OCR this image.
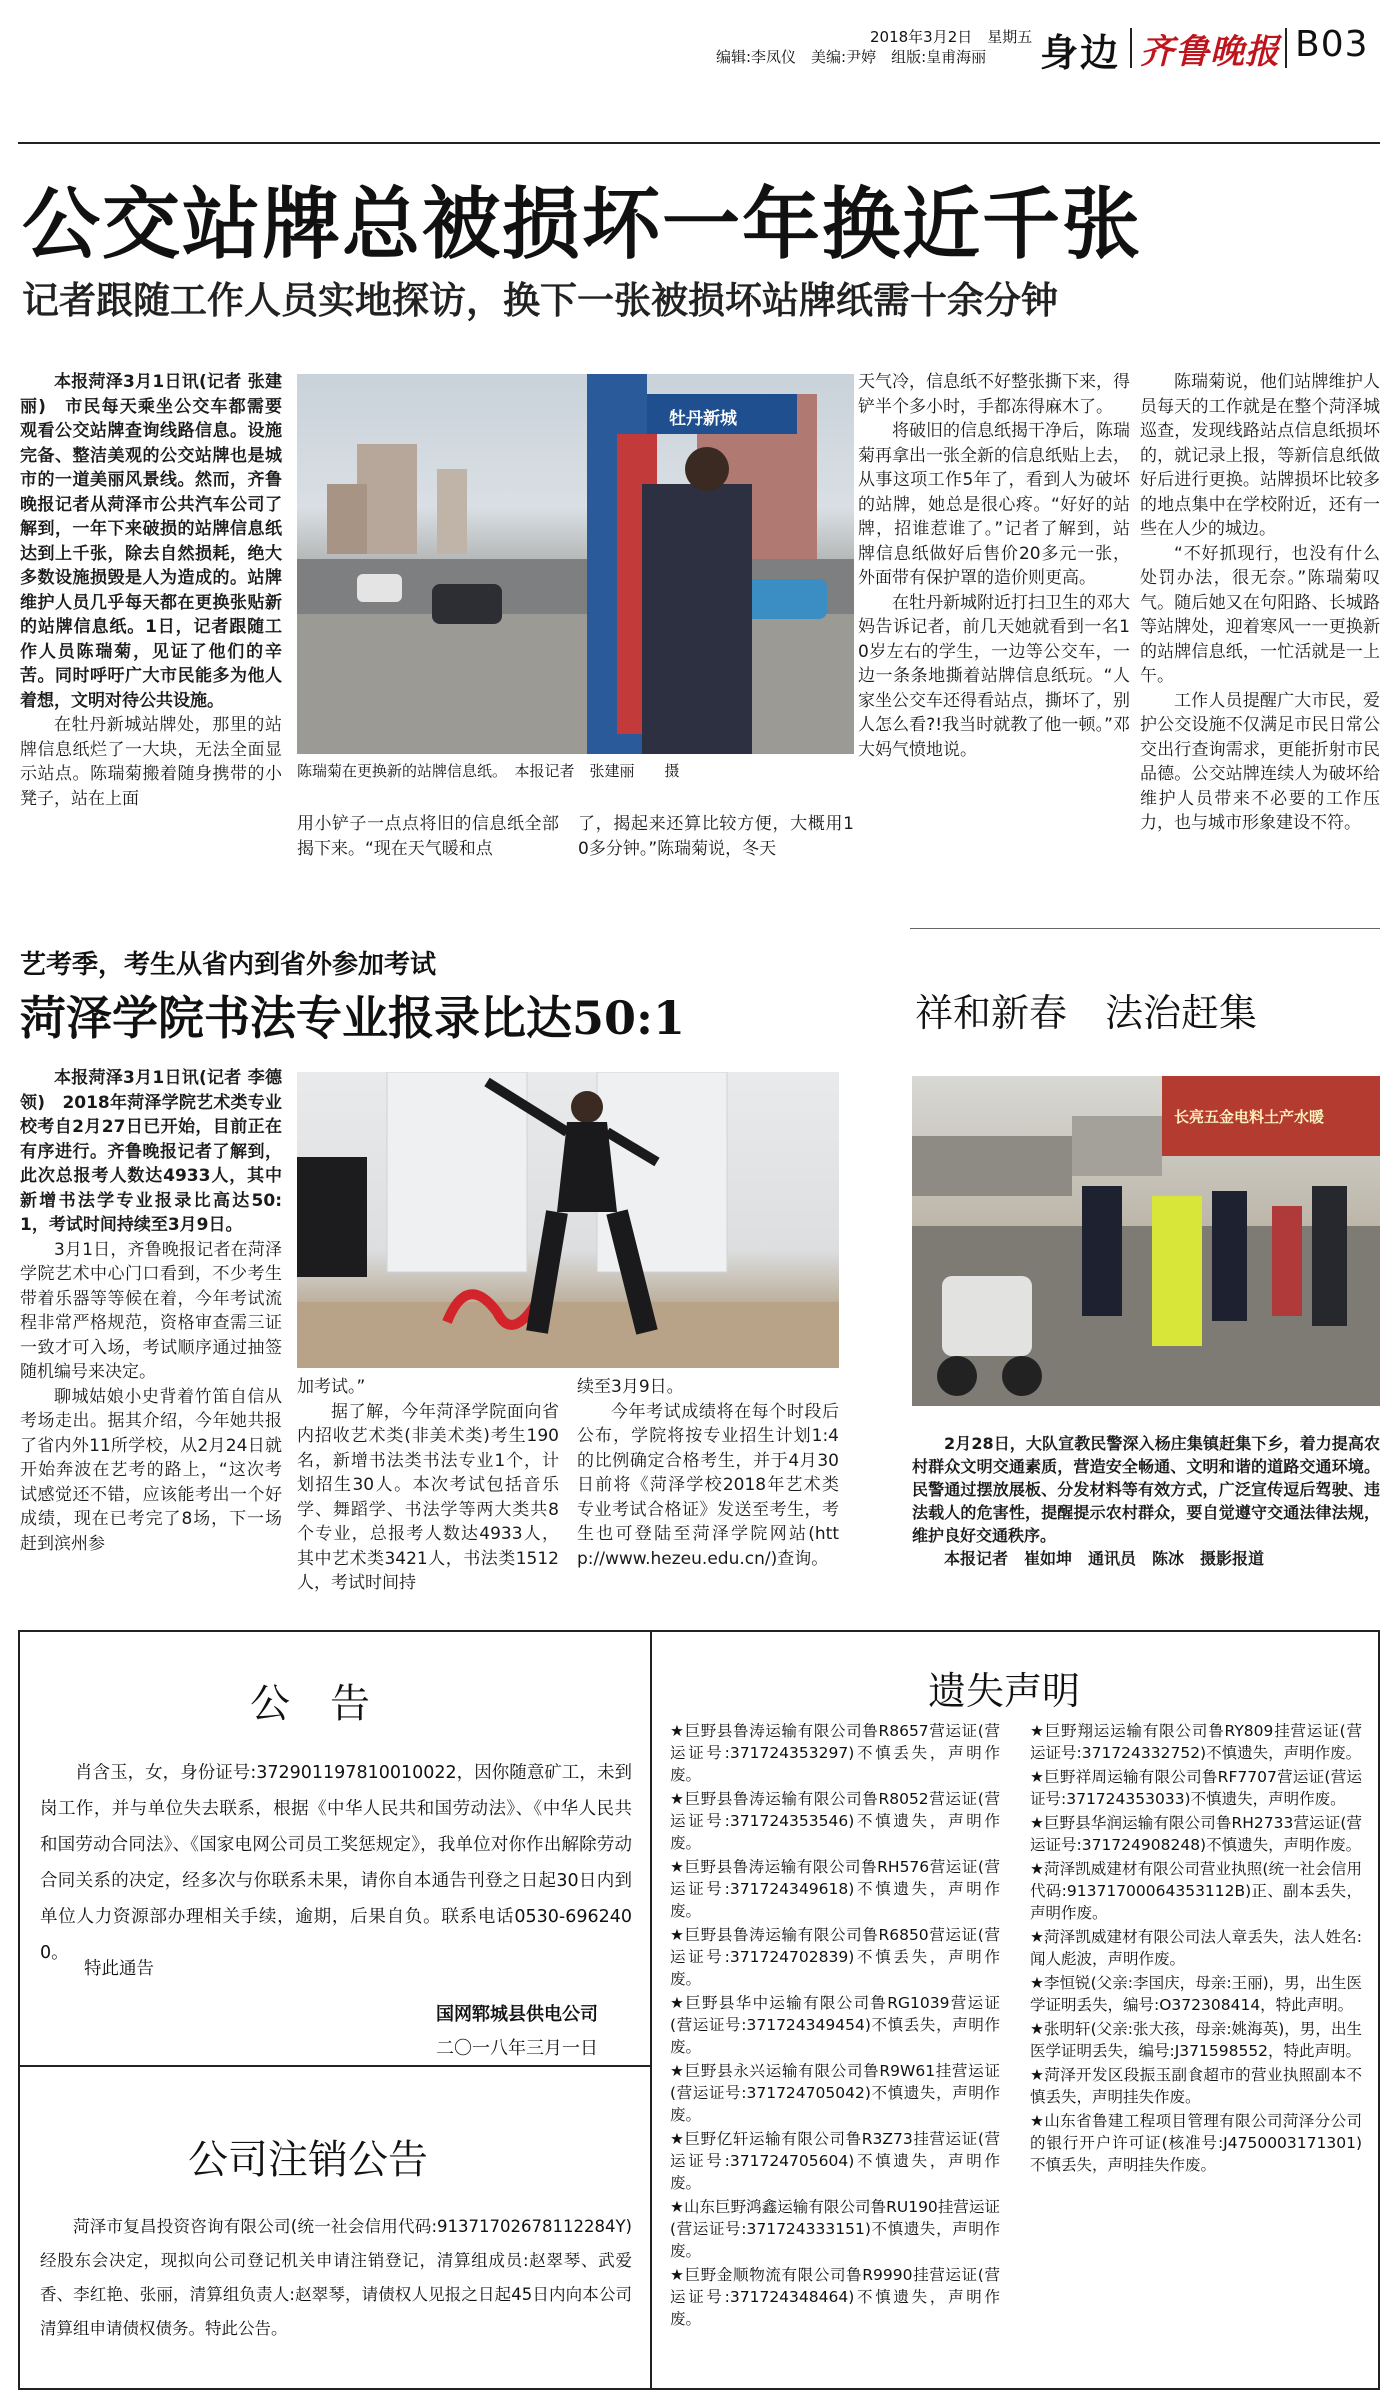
2018年3月2日　星期五
编辑:李凤仪　美编:尹婷　组版:皇甫海丽 身边 齐鲁晚报 B03
公交站牌总被损坏一年换近千张
记者跟随工作人员实地探访，换下一张被损坏站牌纸需十余分钟

本报菏泽3月1日讯(记者 张建丽)　市民每天乘坐公交车都需要观看公交站牌查询线路信息。设施完备、整洁美观的公交站牌也是城市的一道美丽风景线。然而，齐鲁晚报记者从菏泽市公共汽车公司了解到，一年下来破损的站牌信息纸达到上千张，除去自然损耗，绝大多数设施损毁是人为造成的。站牌维护人员几乎每天都在更换张贴新的站牌信息纸。1日，记者跟随工作人员陈瑞菊，见证了他们的辛苦。同时呼吁广大市民能多为他人着想，文明对待公共设施。

在牡丹新城站牌处，那里的站牌信息纸烂了一大块，无法全面显示站点。陈瑞菊搬着随身携带的小凳子，站在上面

牡丹新城
陈瑞菊在更换新的站牌信息纸。　本报记者　张建丽　　摄
用小铲子一点点将旧的信息纸全部揭下来。“现在天气暖和点
了，揭起来还算比较方便，大概用10多分钟。”陈瑞菊说，冬天

天气冷，信息纸不好整张撕下来，得铲半个多小时，手都冻得麻木了。

将破旧的信息纸揭干净后，陈瑞菊再拿出一张全新的信息纸贴上去，从事这项工作5年了，看到人为破坏的站牌，她总是很心疼。“好好的站牌，招谁惹谁了。”记者了解到，站牌信息纸做好后售价20多元一张，外面带有保护罩的造价则更高。

在牡丹新城附近打扫卫生的邓大妈告诉记者，前几天她就看到一名10岁左右的学生，一边等公交车，一边一条条地撕着站牌信息纸玩。“人家坐公交车还得看站点，撕坏了，别人怎么看?!我当时就教了他一顿。”邓大妈气愤地说。

陈瑞菊说，他们站牌维护人员每天的工作就是在整个菏泽城巡查，发现线路站点信息纸损坏的，就记录上报，等新信息纸做好后进行更换。站牌损坏比较多的地点集中在学校附近，还有一些在人少的城边。

“不好抓现行，也没有什么处罚办法，很无奈。”陈瑞菊叹气。随后她又在句阳路、长城路等站牌处，迎着寒风一一更换新的站牌信息纸，一忙活就是一上午。

工作人员提醒广大市民，爱护公交设施不仅满足市民日常公交出行查询需求，更能折射市民品德。公交站牌连续人为破坏给维护人员带来不必要的工作压力，也与城市形象建设不符。

艺考季，考生从省内到省外参加考试
菏泽学院书法专业报录比达50:1

本报菏泽3月1日讯(记者 李德领)　2018年菏泽学院艺术类专业校考自2月27日已开始，目前正在有序进行。齐鲁晚报记者了解到，此次总报考人数达4933人，其中新增书法学专业报录比高达50:1，考试时间持续至3月9日。

3月1日，齐鲁晚报记者在菏泽学院艺术中心门口看到，不少考生带着乐器等等候在着，今年考试流程非常严格规范，资格审查需三证一致才可入场，考试顺序通过抽签随机编号来决定。

聊城姑娘小史背着竹笛自信从考场走出。据其介绍，今年她共报了省内外11所学校，从2月24日就开始奔波在艺考的路上，“这次考试感觉还不错，应该能考出一个好成绩，现在已考完了8场，下一场赶到滨州参

加考试。”

据了解，今年菏泽学院面向省内招收艺术类(非美术类)考生190名，新增书法类书法专业1个，计划招生30人。本次考试包括音乐学、舞蹈学、书法学等两大类共8个专业，总报考人数达4933人，其中艺术类3421人，书法类1512人，考试时间持

续至3月9日。

今年考试成绩将在每个时段后公布，学院将按专业招生计划1:4的比例确定合格考生，并于4月30日前将《菏泽学校2018年艺术类专业考试合格证》发送至考生，考生也可登陆至菏泽学院网站(http://www.hezeu.edu.cn/)查询。

祥和新春　法治赶集
长亮五金电料土产水暖

2月28日，大队宣教民警深入杨庄集镇赶集下乡，着力提高农村群众文明交通素质，营造安全畅通、文明和谐的道路交通环境。民警通过摆放展板、分发材料等有效方式，广泛宣传逗后驾驶、违法载人的危害性，提醒提示农村群众，要自觉遵守交通法律法规，维护良好交通秩序。

本报记者　崔如坤　通讯员　陈冰　摄影报道

公　告
肖含玉，女，身份证号:372901197810010022，因你随意矿工，未到岗工作，并与单位失去联系，根据《中华人民共和国劳动法》、《中华人民共和国劳动合同法》、《国家电网公司员工奖惩规定》，我单位对你作出解除劳动合同关系的决定，经多次与你联系未果，请你自本通告刊登之日起30日内到单位人力资源部办理相关手续，逾期，后果自负。联系电话0530-6962400。
特此通告
国网郓城县供电公司
二〇一八年三月一日
公司注销公告
菏泽市复昌投资咨询有限公司(统一社会信用代码:91371702678112284Y)经股东会决定，现拟向公司登记机关申请注销登记，清算组成员:赵翠琴、武爱香、李红艳、张丽，清算组负责人:赵翠琴，请债权人见报之日起45日内向本公司清算组申请债权债务。特此公告。
遗失声明
★巨野县鲁涛运输有限公司鲁R8657营运证(营运证号:371724353297)不慎丢失，声明作废。
★巨野县鲁涛运输有限公司鲁R8052营运证(营运证号:371724353546)不慎遗失，声明作废。
★巨野县鲁涛运输有限公司鲁RH576营运证(营运证号:371724349618)不慎遗失，声明作废。
★巨野县鲁涛运输有限公司鲁R6850营运证(营运证号:371724702839)不慎丢失，声明作废。
★巨野县华中运输有限公司鲁RG1039营运证(营运证号:371724349454)不慎丢失，声明作废。
★巨野县永兴运输有限公司鲁R9W61挂营运证(营运证号:371724705042)不慎遗失，声明作废。
★巨野亿轩运输有限公司鲁R3Z73挂营运证(营运证号:371724705604)不慎遗失，声明作废。
★山东巨野鸿鑫运输有限公司鲁RU190挂营运证(营运证号:371724333151)不慎遗失，声明作废。
★巨野金顺物流有限公司鲁R9990挂营运证(营运证号:371724348464)不慎遗失，声明作废。
★巨野翔运运输有限公司鲁RY809挂营运证(营运证号:371724332752)不慎遗失，声明作废。
★巨野祥周运输有限公司鲁RF7707营运证(营运证号:371724353033)不慎遗失，声明作废。
★巨野县华润运输有限公司鲁RH2733营运证(营运证号:371724908248)不慎遗失，声明作废。
★菏泽凯威建材有限公司营业执照(统一社会信用代码:91371700064353112B)正、副本丢失，声明作废。
★菏泽凯威建材有限公司法人章丢失，法人姓名:闻人彪波，声明作废。
★李恒锐(父亲:李国庆，母亲:王丽)，男，出生医学证明丢失，编号:O372308414，特此声明。
★张明轩(父亲:张大孩，母亲:姚海英)，男，出生医学证明丢失，编号:J371598552，特此声明。
★菏泽开发区段振玉副食超市的营业执照副本不慎丢失，声明挂失作废。
★山东省鲁建工程项目管理有限公司菏泽分公司的银行开户许可证(核准号:J4750003171301)不慎丢失，声明挂失作废。
